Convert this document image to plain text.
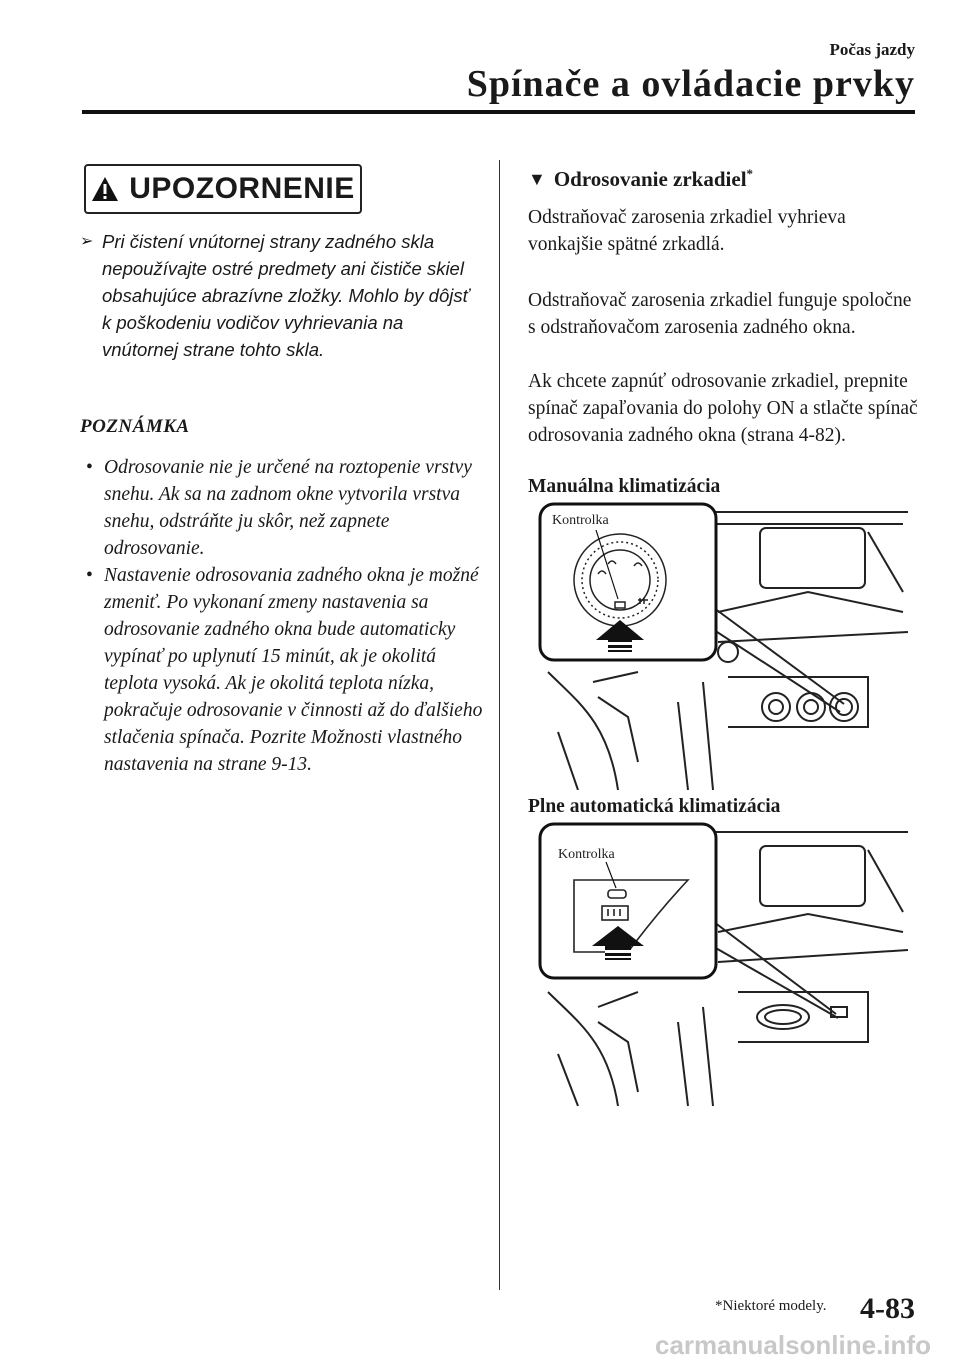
Počas jazdy
Spínače a ovládacie prvky
UPOZORNENIE
➢ Pri čistení vnútornej strany zadného skla nepoužívajte ostré predmety ani čističe skiel obsahujúce abrazívne zložky. Mohlo by dôjsť k poškodeniu vodičov vyhrievania na vnútornej strane tohto skla.
POZNÁMKA
• Odrosovanie nie je určené na roztopenie vrstvy snehu. Ak sa na zadnom okne vytvorila vrstva snehu, odstráňte ju skôr, než zapnete odrosovanie.
• Nastavenie odrosovania zadného okna je možné zmeniť. Po vykonaní zmeny nastavenia sa odrosovanie zadného okna bude automaticky vypínať po uplynutí 15 minút, ak je okolitá teplota vysoká. Ak je okolitá teplota nízka, pokračuje odrosovanie v činnosti až do ďalšieho stlačenia spínača. Pozrite Možnosti vlastného nastavenia na strane 9-13.
▼ Odrosovanie zrkadiel*
Odstraňovač zarosenia zrkadiel vyhrieva vonkajšie spätné zrkadlá.
Odstraňovač zarosenia zrkadiel funguje spoločne s odstraňovačom zarosenia zadného okna.
Ak chcete zapnúť odrosovanie zrkadiel, prepnite spínač zapaľovania do polohy ON a stlačte spínač odrosovania zadného okna (strana 4-82).
Manuálna klimatizácia
Kontrolka
Plne automatická klimatizácia
Kontrolka
*Niektoré modely. 4-83
carmanualsonline.info
